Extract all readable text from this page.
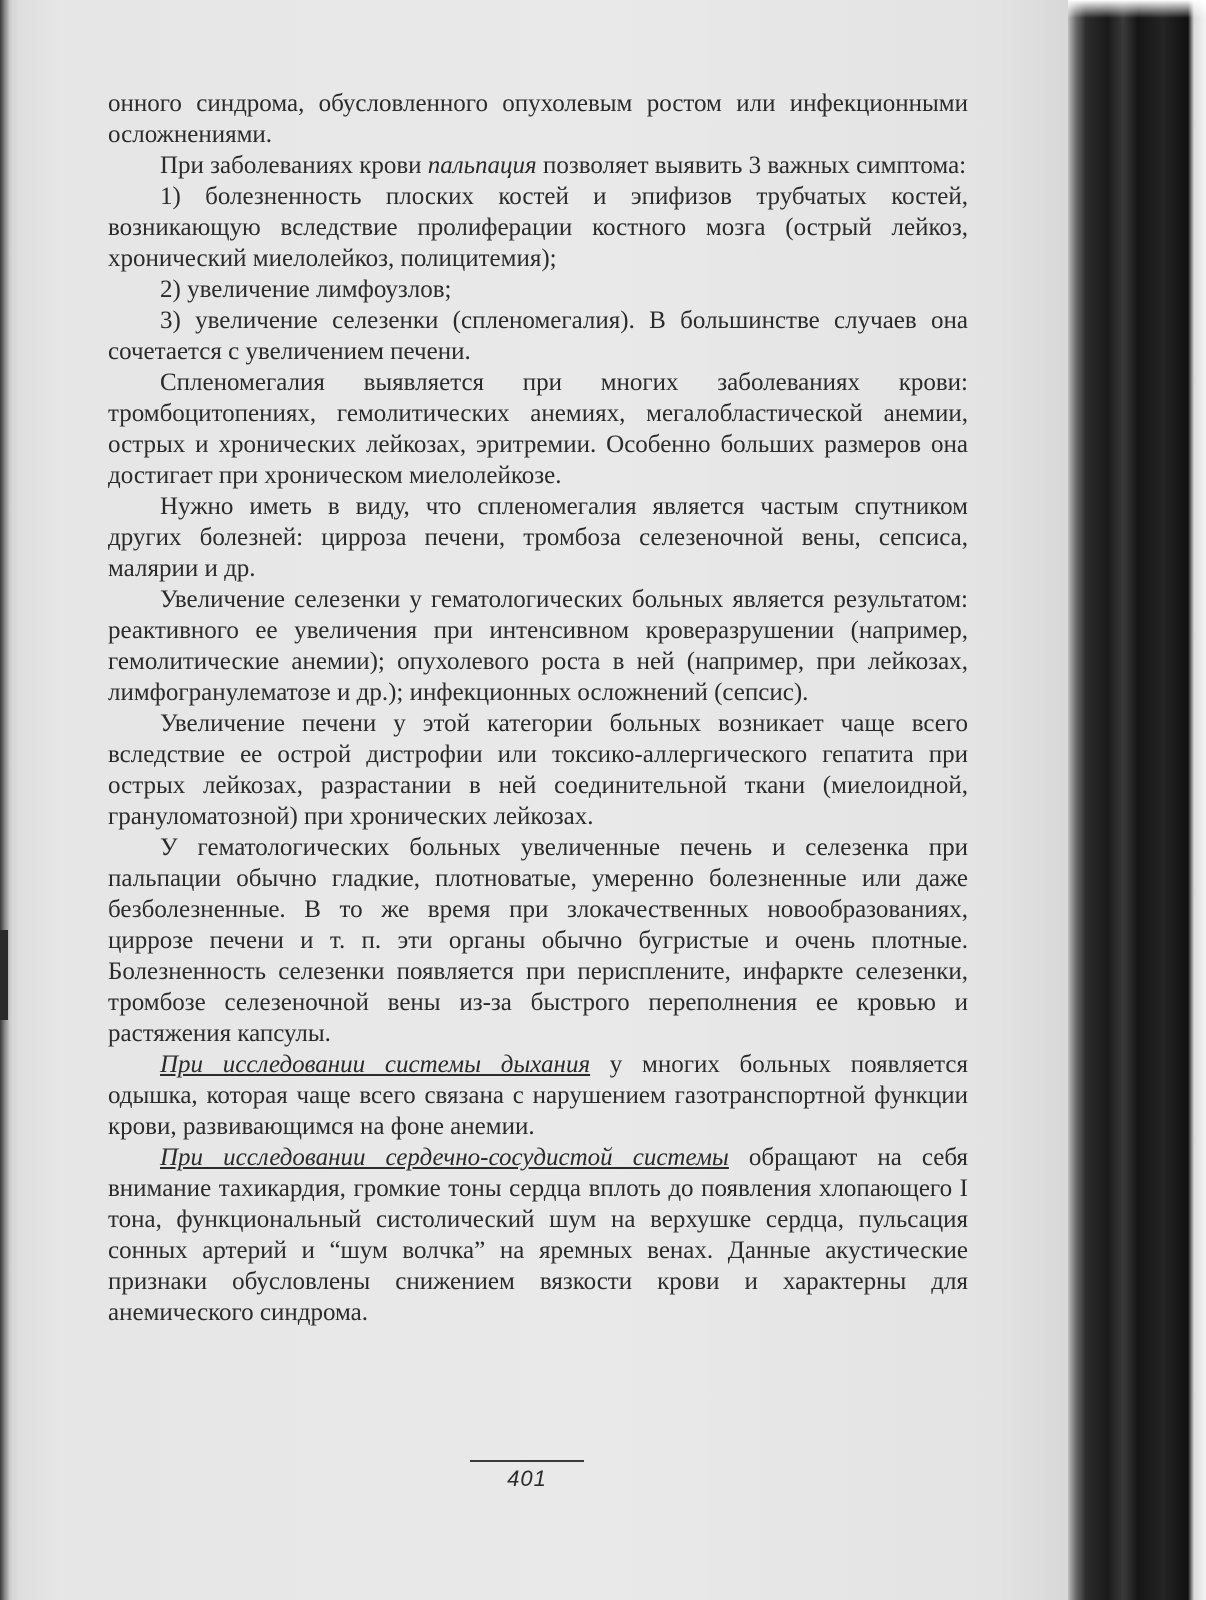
онного синдрома, обусловленного опухолевым ростом или инфекционными осложнениями.

При заболеваниях крови пальпация позволяет выявить 3 важных симптома:

1) болезненность плоских костей и эпифизов трубчатых костей, возникающую вследствие пролиферации костного мозга (острый лейкоз, хронический миелолейкоз, полицитемия);

2) увеличение лимфоузлов;

3) увеличение селезенки (спленомегалия). В большинстве случаев она сочетается с увеличением печени.

Спленомегалия выявляется при многих заболеваниях крови: тромбоцитопениях, гемолитических анемиях, мегалобластической анемии, острых и хронических лейкозах, эритремии. Особенно больших размеров она достигает при хроническом миелолейкозе.

Нужно иметь в виду, что спленомегалия является частым спутником других болезней: цирроза печени, тромбоза селезеночной вены, сепсиса, малярии и др.

Увеличение селезенки у гематологических больных является результатом: реактивного ее увеличения при интенсивном кроверазрушении (например, гемолитические анемии); опухолевого роста в ней (например, при лейкозах, лимфогранулематозе и др.); инфекционных осложнений (сепсис).

Увеличение печени у этой категории больных возникает чаще всего вследствие ее острой дистрофии или токсико-аллергического гепатита при острых лейкозах, разрастании в ней соединительной ткани (миелоидной, грануломатозной) при хронических лейкозах.

У гематологических больных увеличенные печень и селезенка при пальпации обычно гладкие, плотноватые, умеренно болезненные или даже безболезненные. В то же время при злокачественных новообразованиях, циррозе печени и т. п. эти органы обычно бугристые и очень плотные. Болезненность селезенки появляется при периспленитe, инфаркте селезенки, тромбозе селезеночной вены из-за быстрого переполнения ее кровью и растяжения капсулы.

При исследовании системы дыхания у многих больных появляется одышка, которая чаще всего связана с нарушением газотранспортной функции крови, развивающимся на фоне анемии.

При исследовании сердечно-сосудистой системы обращают на себя внимание тахикардия, громкие тоны сердца вплоть до появления хлопающего I тона, функциональный систолический шум на верхушке сердца, пульсация сонных артерий и “шум волчка” на яремных венах. Данные акустические признаки обусловлены снижением вязкости крови и характерны для анемического синдрома.

401
